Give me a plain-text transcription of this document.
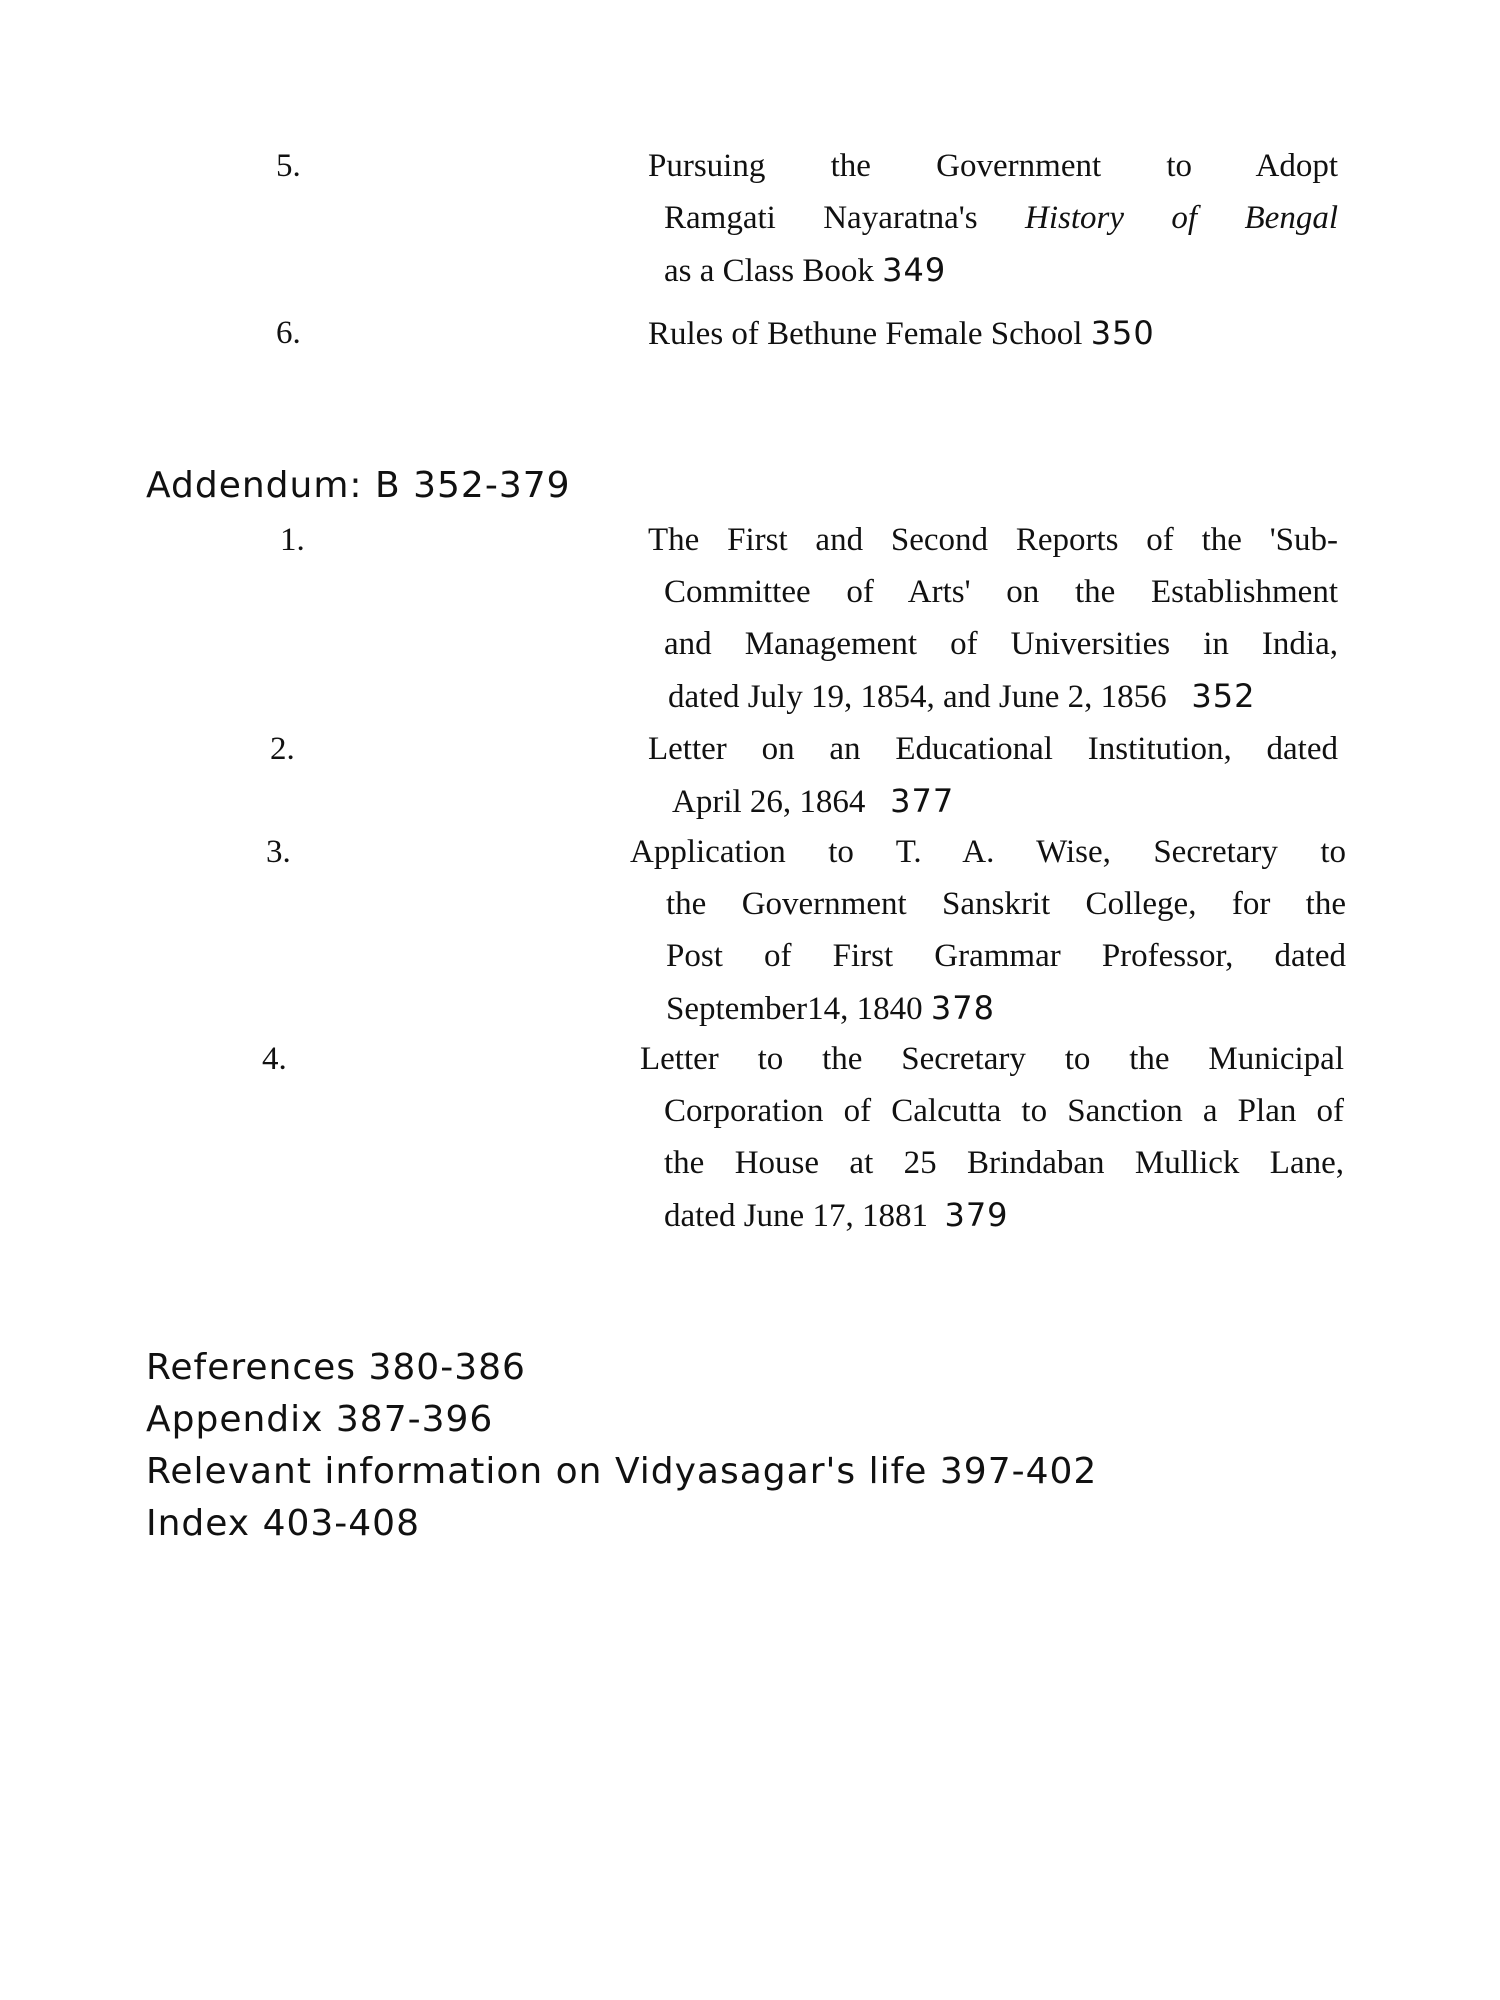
5.	Pursuing the Government to Adopt
Ramgati Nayaratna's History of Bengal
as a Class Book 349
6.	Rules of Bethune Female School 350
Addendum: B 352-379
1.	The First and Second Reports of the 'Sub-
Committee of Arts' on the Establishment
and Management of Universities in India,
dated July 19, 1854, and June 2, 1856 352
2.	Letter on an Educational Institution, dated
April 26, 1864 377
3.	Application to T. A. Wise, Secretary to
the Government Sanskrit College, for the
Post of First Grammar Professor, dated
September14, 1840 378
4.	Letter to the Secretary to the Municipal
Corporation of Calcutta to Sanction a Plan of
the House at 25 Brindaban Mullick Lane,
dated June 17, 1881 379
References 380-386
Appendix 387-396
Relevant information on Vidyasagar's life 397-402
Index 403-408
